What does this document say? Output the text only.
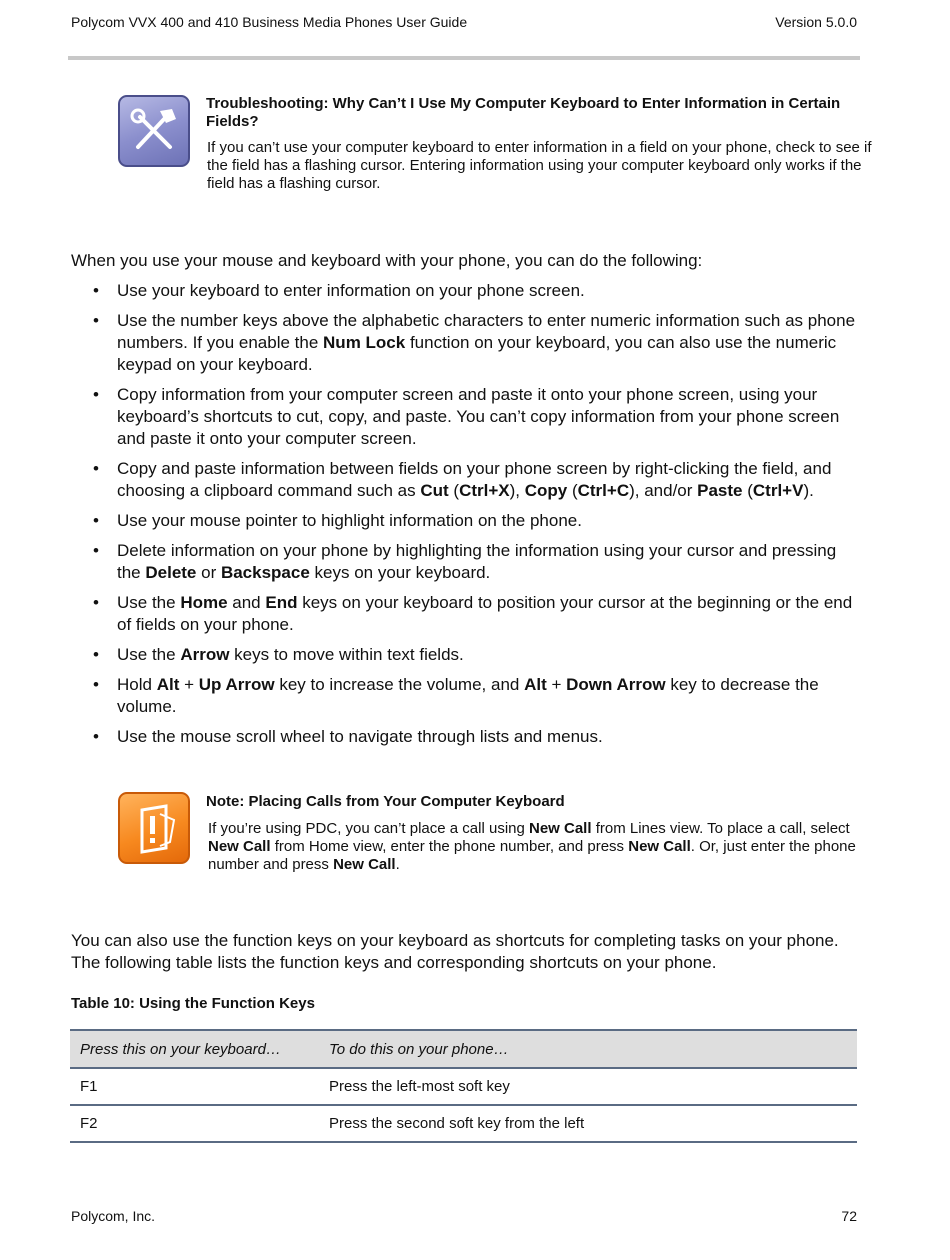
Polycom VVX 400 and 410 Business Media Phones User Guide	Version 5.0.0
Troubleshooting: Why Can’t I Use My Computer Keyboard to Enter Information in Certain Fields?
If you can’t use your computer keyboard to enter information in a field on your phone, check to see if the field has a flashing cursor. Entering information using your computer keyboard only works if the field has a flashing cursor.
When you use your mouse and keyboard with your phone, you can do the following:
• Use your keyboard to enter information on your phone screen.
• Use the number keys above the alphabetic characters to enter numeric information such as phone numbers. If you enable the Num Lock function on your keyboard, you can also use the numeric keypad on your keyboard.
• Copy information from your computer screen and paste it onto your phone screen, using your keyboard’s shortcuts to cut, copy, and paste. You can’t copy information from your phone screen and paste it onto your computer screen.
• Copy and paste information between fields on your phone screen by right-clicking the field, and choosing a clipboard command such as Cut (Ctrl+X), Copy (Ctrl+C), and/or Paste (Ctrl+V).
• Use your mouse pointer to highlight information on the phone.
• Delete information on your phone by highlighting the information using your cursor and pressing the Delete or Backspace keys on your keyboard.
• Use the Home and End keys on your keyboard to position your cursor at the beginning or the end of fields on your phone.
• Use the Arrow keys to move within text fields.
• Hold Alt + Up Arrow key to increase the volume, and Alt + Down Arrow key to decrease the volume.
• Use the mouse scroll wheel to navigate through lists and menus.
Note: Placing Calls from Your Computer Keyboard
If you’re using PDC, you can’t place a call using New Call from Lines view. To place a call, select New Call from Home view, enter the phone number, and press New Call. Or, just enter the phone number and press New Call.
You can also use the function keys on your keyboard as shortcuts for completing tasks on your phone. The following table lists the function keys and corresponding shortcuts on your phone.
Table 10: Using the Function Keys
Press this on your keyboard…	To do this on your phone…
F1	Press the left-most soft key
F2	Press the second soft key from the left
Polycom, Inc.	72
